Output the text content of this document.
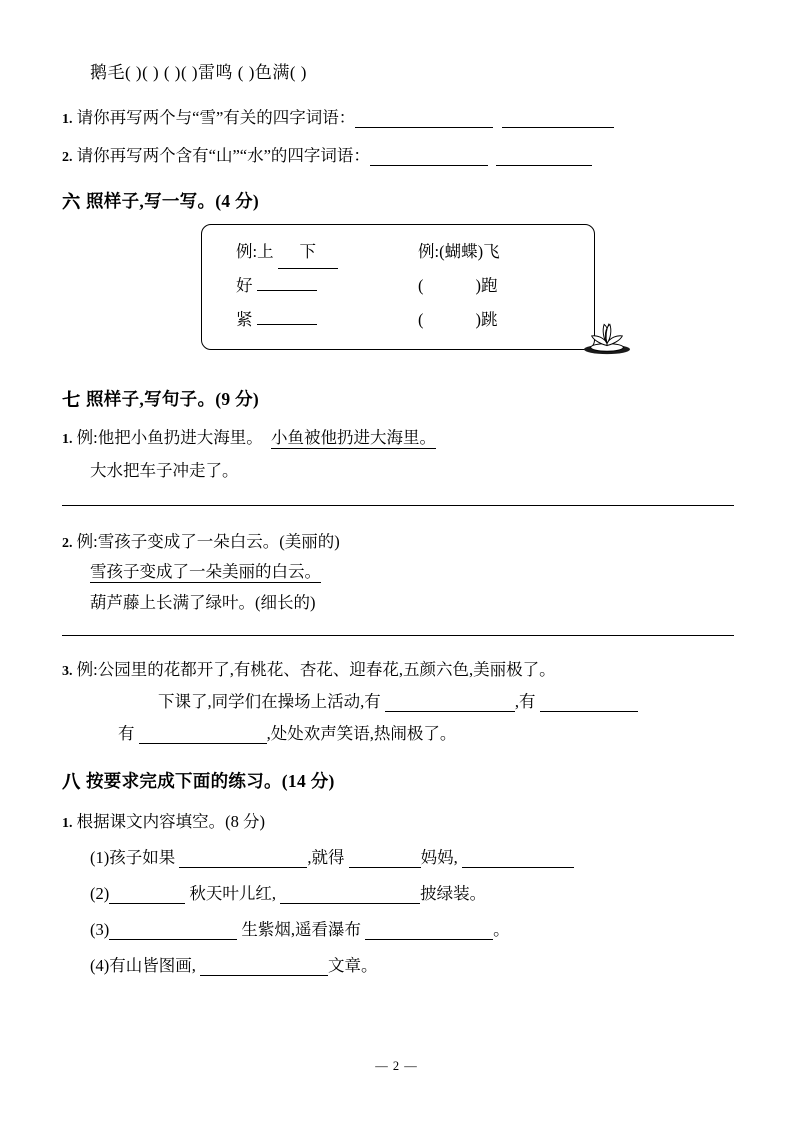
鹅毛( )( ) ( )( )雷鸣 ( )色满( )
1. 请你再写两个与“雪”有关的四字词语：
2. 请你再写两个含有“山”“水”的四字词语：
六 照样子,写一写。(4 分)
例:上 下	例:(蝴蝶)飞
好	(	)跑
紧	(	)跳
七 照样子,写句子。(9 分)
1. 例:他把小鱼扔进大海里。 小鱼被他扔进大海里。
大水把车子冲走了。
2. 例:雪孩子变成了一朵白云。(美丽的)
雪孩子变成了一朵美丽的白云。
葫芦藤上长满了绿叶。(细长的)
3. 例:公园里的花都开了,有桃花、杏花、迎春花,五颜六色,美丽极了。
下课了,同学们在操场上活动,有	,有
有	,处处欢声笑语,热闹极了。
八 按要求完成下面的练习。(14 分)
1. 根据课文内容填空。(8 分)
(1)孩子如果	,就得	妈妈,
(2)	秋天叶儿红,	披绿装。
(3)	生紫烟,遥看瀑布	。
(4)有山皆图画,	文章。
— 2 —
